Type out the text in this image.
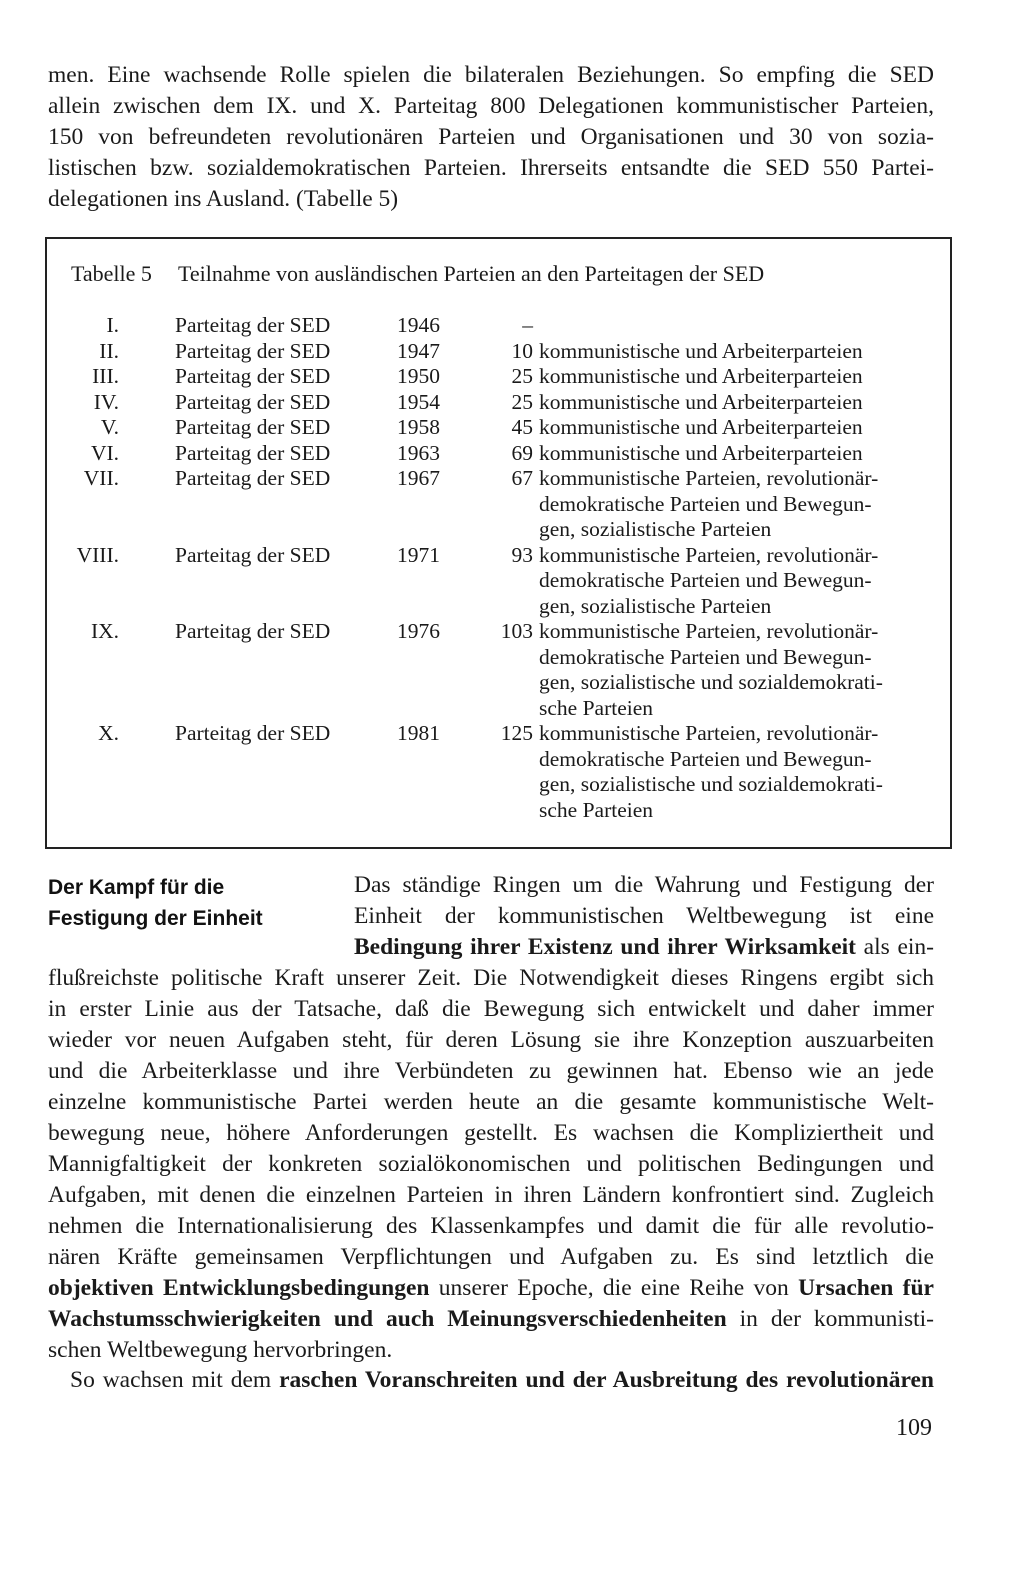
men. Eine wachsende Rolle spielen die bilateralen Beziehungen. So empfing die SED
allein zwischen dem IX. und X. Parteitag 800 Delegationen kommunistischer Parteien,
150 von befreundeten revolutionären Parteien und Organisationen und 30 von sozia-
listischen bzw. sozialdemokratischen Parteien. Ihrerseits entsandte die SED 550 Partei-
delegationen ins Ausland. (Tabelle 5)
Tabelle 5 Teilnahme von ausländischen Parteien an den Parteitagen der SED
I.	Parteitag der SED	1946	–
II.	Parteitag der SED	1947	10 kommunistische und Arbeiterparteien
III.	Parteitag der SED	1950	25 kommunistische und Arbeiterparteien
IV.	Parteitag der SED	1954	25 kommunistische und Arbeiterparteien
V.	Parteitag der SED	1958	45 kommunistische und Arbeiterparteien
VI.	Parteitag der SED	1963	69 kommunistische und Arbeiterparteien
VII.	Parteitag der SED	1967	67 kommunistische Parteien, revolutionär-
demokratische Parteien und Bewegun-
gen, sozialistische Parteien
VIII.	Parteitag der SED	1971	93 kommunistische Parteien, revolutionär-
demokratische Parteien und Bewegun-
gen, sozialistische Parteien
IX.	Parteitag der SED	1976	103 kommunistische Parteien, revolutionär-
demokratische Parteien und Bewegun-
gen, sozialistische und sozialdemokrati-
sche Parteien
X.	Parteitag der SED	1981	125 kommunistische Parteien, revolutionär-
demokratische Parteien und Bewegun-
gen, sozialistische und sozialdemokrati-
sche Parteien
Der Kampf für die
Festigung der Einheit
Das ständige Ringen um die Wahrung und Festigung der
Einheit der kommunistischen Weltbewegung ist eine
Bedingung ihrer Existenz und ihrer Wirksamkeit als ein-
flußreichste politische Kraft unserer Zeit. Die Notwendigkeit dieses Ringens ergibt sich
in erster Linie aus der Tatsache, daß die Bewegung sich entwickelt und daher immer
wieder vor neuen Aufgaben steht, für deren Lösung sie ihre Konzeption auszuarbeiten
und die Arbeiterklasse und ihre Verbündeten zu gewinnen hat. Ebenso wie an jede
einzelne kommunistische Partei werden heute an die gesamte kommunistische Welt-
bewegung neue, höhere Anforderungen gestellt. Es wachsen die Kompliziertheit und
Mannigfaltigkeit der konkreten sozialökonomischen und politischen Bedingungen und
Aufgaben, mit denen die einzelnen Parteien in ihren Ländern konfrontiert sind. Zugleich
nehmen die Internationalisierung des Klassenkampfes und damit die für alle revolutio-
nären Kräfte gemeinsamen Verpflichtungen und Aufgaben zu. Es sind letztlich die
objektiven Entwicklungsbedingungen unserer Epoche, die eine Reihe von Ursachen für
Wachstumsschwierigkeiten und auch Meinungsverschiedenheiten in der kommunisti-
schen Weltbewegung hervorbringen.
So wachsen mit dem raschen Voranschreiten und der Ausbreitung des revolutionären
109
